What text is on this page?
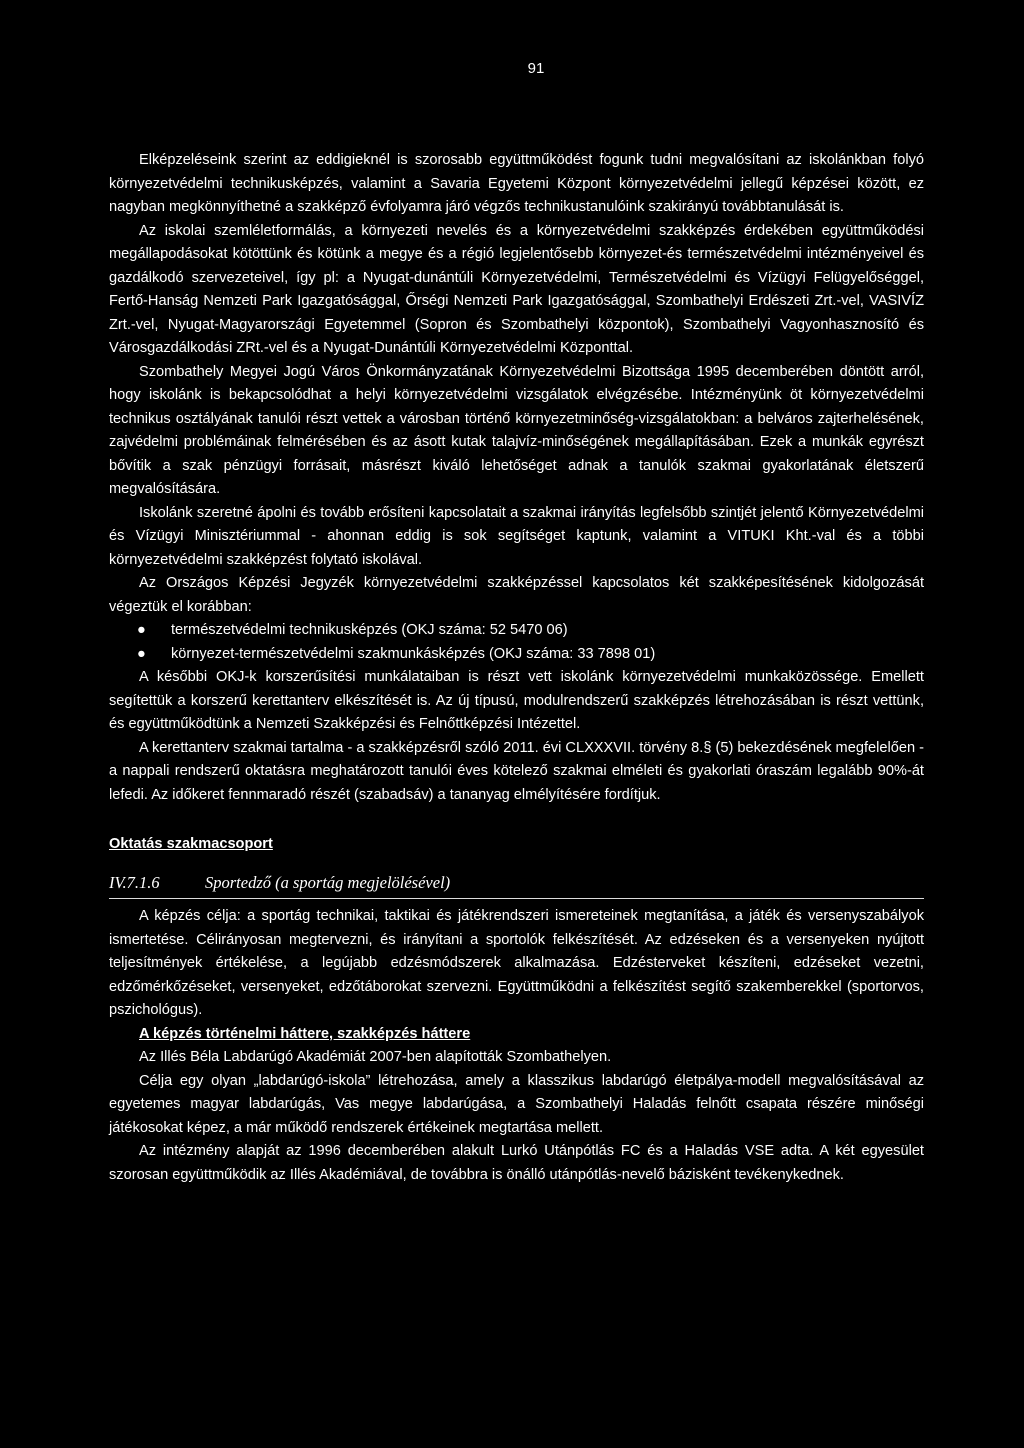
91

Elképzeléseink szerint az eddigieknél is szorosabb együttműködést fogunk tudni megvalósítani az iskolánkban folyó környezetvédelmi technikusképzés, valamint a Savaria Egyetemi Központ környezetvédelmi jellegű képzései között, ez nagyban megkönnyíthetné a szakképző évfolyamra járó végzős technikustanulóink szakirányú továbbtanulását is.

Az iskolai szemléletformálás, a környezeti nevelés és a környezetvédelmi szakképzés érdekében együttműködési megállapodásokat kötöttünk és kötünk a megye és a régió legjelentősebb környezet-és természetvédelmi intézményeivel és gazdálkodó szervezeteivel, így pl: a Nyugat-dunántúli Környezetvédelmi, Természetvédelmi és Vízügyi Felügyelőséggel, Fertő-Hanság Nemzeti Park Igazgatósággal, Őrségi Nemzeti Park Igazgatósággal, Szombathelyi Erdészeti Zrt.-vel, VASIVÍZ Zrt.-vel, Nyugat-Magyarországi Egyetemmel (Sopron és Szombathelyi központok), Szombathelyi Vagyonhasznosító és Városgazdálkodási ZRt.-vel és a Nyugat-Dunántúli Környezetvédelmi Központtal.

Szombathely Megyei Jogú Város Önkormányzatának Környezetvédelmi Bizottsága 1995 decemberében döntött arról, hogy iskolánk is bekapcsolódhat a helyi környezetvédelmi vizsgálatok elvégzésébe. Intézményünk öt környezetvédelmi technikus osztályának tanulói részt vettek a városban történő környezetminőség-vizsgálatokban: a belváros zajterhelésének, zajvédelmi problémáinak felmérésében és az ásott kutak talajvíz-minőségének megállapításában. Ezek a munkák egyrészt bővítik a szak pénzügyi forrásait, másrészt kiváló lehetőséget adnak a tanulók szakmai gyakorlatának életszerű megvalósítására.

Iskolánk szeretné ápolni és tovább erősíteni kapcsolatait a szakmai irányítás legfelsőbb szintjét jelentő Környezetvédelmi és Vízügyi Minisztériummal - ahonnan eddig is sok segítséget kaptunk, valamint a VITUKI Kht.-val és a többi környezetvédelmi szakképzést folytató iskolával.

Az Országos Képzési Jegyzék környezetvédelmi szakképzéssel kapcsolatos két szakképesítésének kidolgozását végeztük el korábban:

● természetvédelmi technikusképzés (OKJ száma: 52 5470 06)
● környezet-természetvédelmi szakmunkásképzés (OKJ száma: 33 7898 01)

A későbbi OKJ-k korszerűsítési munkálataiban is részt vett iskolánk környezetvédelmi munkaközössége. Emellett segítettük a korszerű kerettanterv elkészítését is. Az új típusú, modulrendszerű szakképzés létrehozásában is részt vettünk, és együttműködtünk a Nemzeti Szakképzési és Felnőttképzési Intézettel.

A kerettanterv szakmai tartalma - a szakképzésről szóló 2011. évi CLXXXVII. törvény 8.§ (5) bekezdésének megfelelően - a nappali rendszerű oktatásra meghatározott tanulói éves kötelező szakmai elméleti és gyakorlati óraszám legalább 90%-át lefedi. Az időkeret fennmaradó részét (szabadsáv) a tananyag elmélyítésére fordítjuk.

Oktatás szakmacsoport
IV.7.1.6	Sportedző (a sportág megjelölésével)

A képzés célja: a sportág technikai, taktikai és játékrendszeri ismereteinek megtanítása, a játék és versenyszabályok ismertetése. Célirányosan megtervezni, és irányítani a sportolók felkészítését. Az edzéseken és a versenyeken nyújtott teljesítmények értékelése, a legújabb edzésmódszerek alkalmazása. Edzésterveket készíteni, edzéseket vezetni, edzőmérkőzéseket, versenyeket, edzőtáborokat szervezni. Együttműködni a felkészítést segítő szakemberekkel (sportorvos, pszichológus).

A képzés történelmi háttere, szakképzés háttere

Az Illés Béla Labdarúgó Akadémiát 2007-ben alapították Szombathelyen.

Célja egy olyan „labdarúgó-iskola” létrehozása, amely a klasszikus labdarúgó életpálya-modell megvalósításával az egyetemes magyar labdarúgás, Vas megye labdarúgása, a Szombathelyi Haladás felnőtt csapata részére minőségi játékosokat képez, a már működő rendszerek értékeinek megtartása mellett.

Az intézmény alapját az 1996 decemberében alakult Lurkó Utánpótlás FC és a Haladás VSE adta. A két egyesület szorosan együttműködik az Illés Akadémiával, de továbbra is önálló utánpótlás-nevelő bázisként tevékenykednek.
